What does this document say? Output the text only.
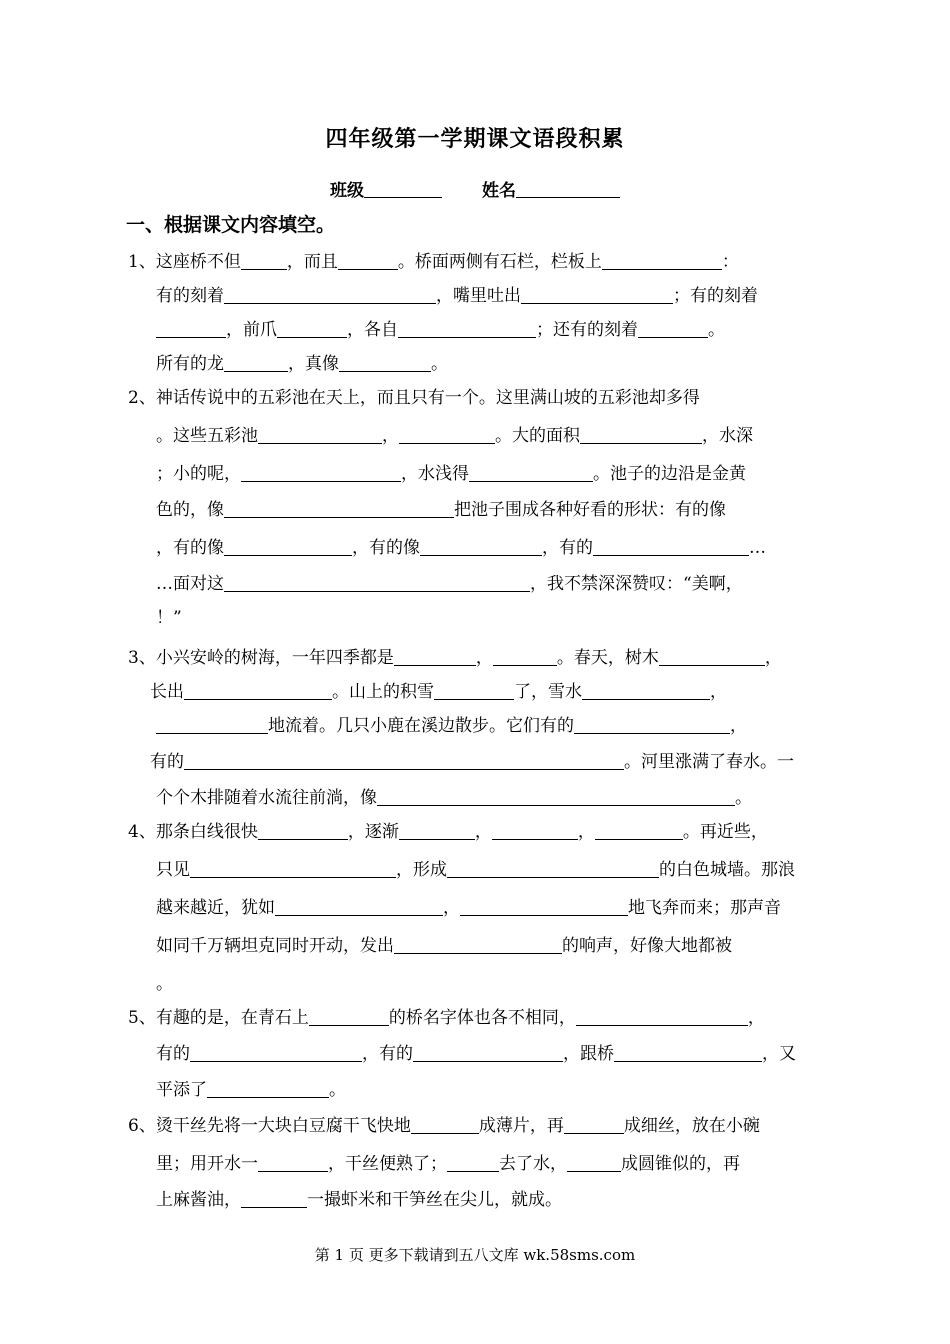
四年级第一学期课文语段积累
班级	姓名
一、根据课文内容填空。
1、这座桥不但	，而且	。桥面两侧有石栏，栏板上	：
有的刻着	，嘴里吐出	；有的刻着
，前爪	，各自	；还有的刻着	。
所有的龙	，真像	。
2、神话传说中的五彩池在天上，而且只有一个。这里满山坡的五彩池却多得
。这些五彩池	，	。大的面积	，水深
；小的呢，	，水浅得	。池子的边沿是金黄
色的，像	把池子围成各种好看的形状：有的像
，有的像	，有的像	，有的	…
…面对这	，我不禁深深赞叹：“美啊，
！”
3、小兴安岭的树海，一年四季都是	，	。春天，树木	，
长出	。山上的积雪	了，雪水	，
地流着。几只小鹿在溪边散步。它们有的	，
有的	。河里涨满了春水。一
个个木排随着水流往前淌，像	。
4、那条白线很快	，逐渐	，	，	。再近些，
只见	，形成	的白色城墙。那浪
越来越近，犹如	，	地飞奔而来；那声音
如同千万辆坦克同时开动，发出	的响声，好像大地都被
。
5、有趣的是，在青石上	的桥名字体也各不相同，	，
有的	，有的	，跟桥	，又
平添了	。
6、烫干丝先将一大块白豆腐干飞快地	成薄片，再	成细丝，放在小碗
里；用开水一	，干丝便熟了；	去了水，	成圆锥似的，再
上麻酱油，	一撮虾米和干笋丝在尖儿，就成。
第 1 页 更多下载请到五八文库 wk.58sms.com
